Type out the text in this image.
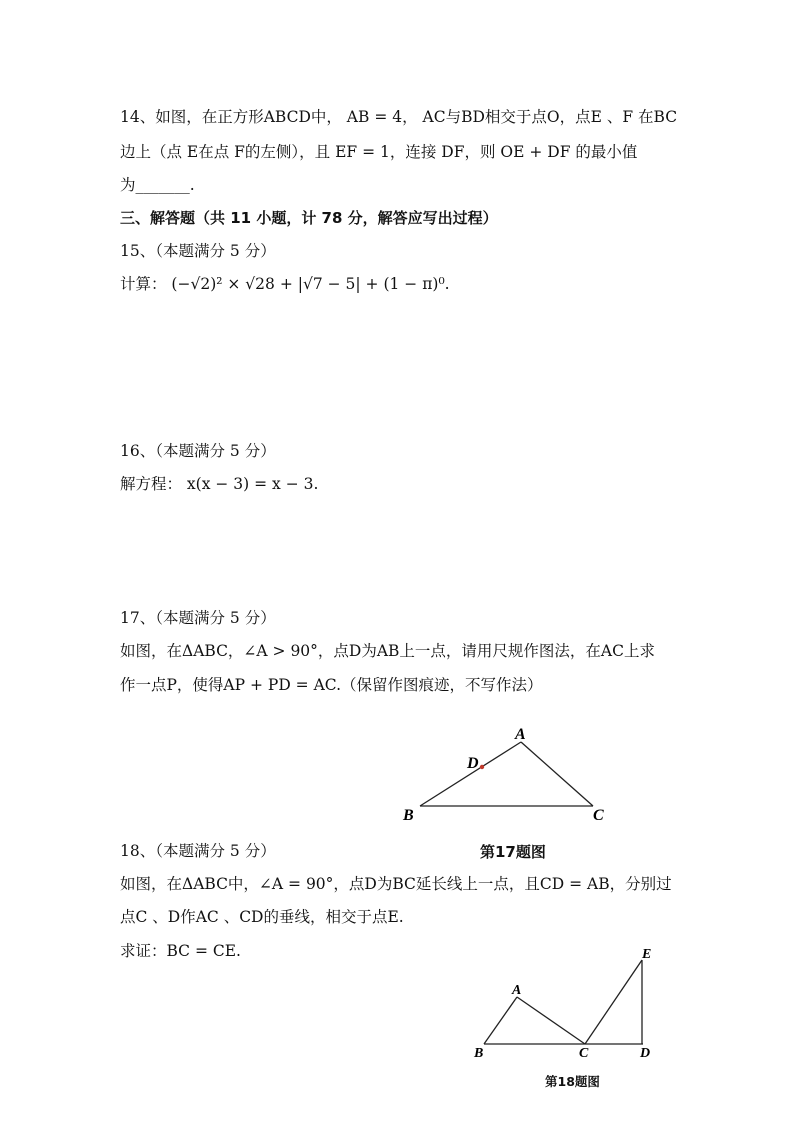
14、如图，在正方形ABCD中， AB = 4， AC与BD相交于点O，点E 、F 在BC
边上（点 E在点 F的左侧），且 EF = 1，连接 DF，则 OE + DF 的最小值
为_______.
三、解答题（共 11 小题，计 78 分，解答应写出过程）
15、（本题满分 5 分）
计算： (−√2)² × √28 + |√7 − 5| + (1 − π)⁰.
16、（本题满分 5 分）
解方程： x(x − 3) = x − 3.
17、（本题满分 5 分）
如图，在ΔABC，∠A > 90°，点D为AB上一点，请用尺规作图法，在AC上求
作一点P，使得AP + PD = AC.（保留作图痕迹，不写作法）
A
D
B	C
18、（本题满分 5 分）	第17题图
如图，在ΔABC中，∠A = 90°，点D为BC延长线上一点，且CD = AB，分别过
点C 、D作AC 、CD的垂线，相交于点E.
求证：BC = CE.
A
B	C	D
E
第18题图
